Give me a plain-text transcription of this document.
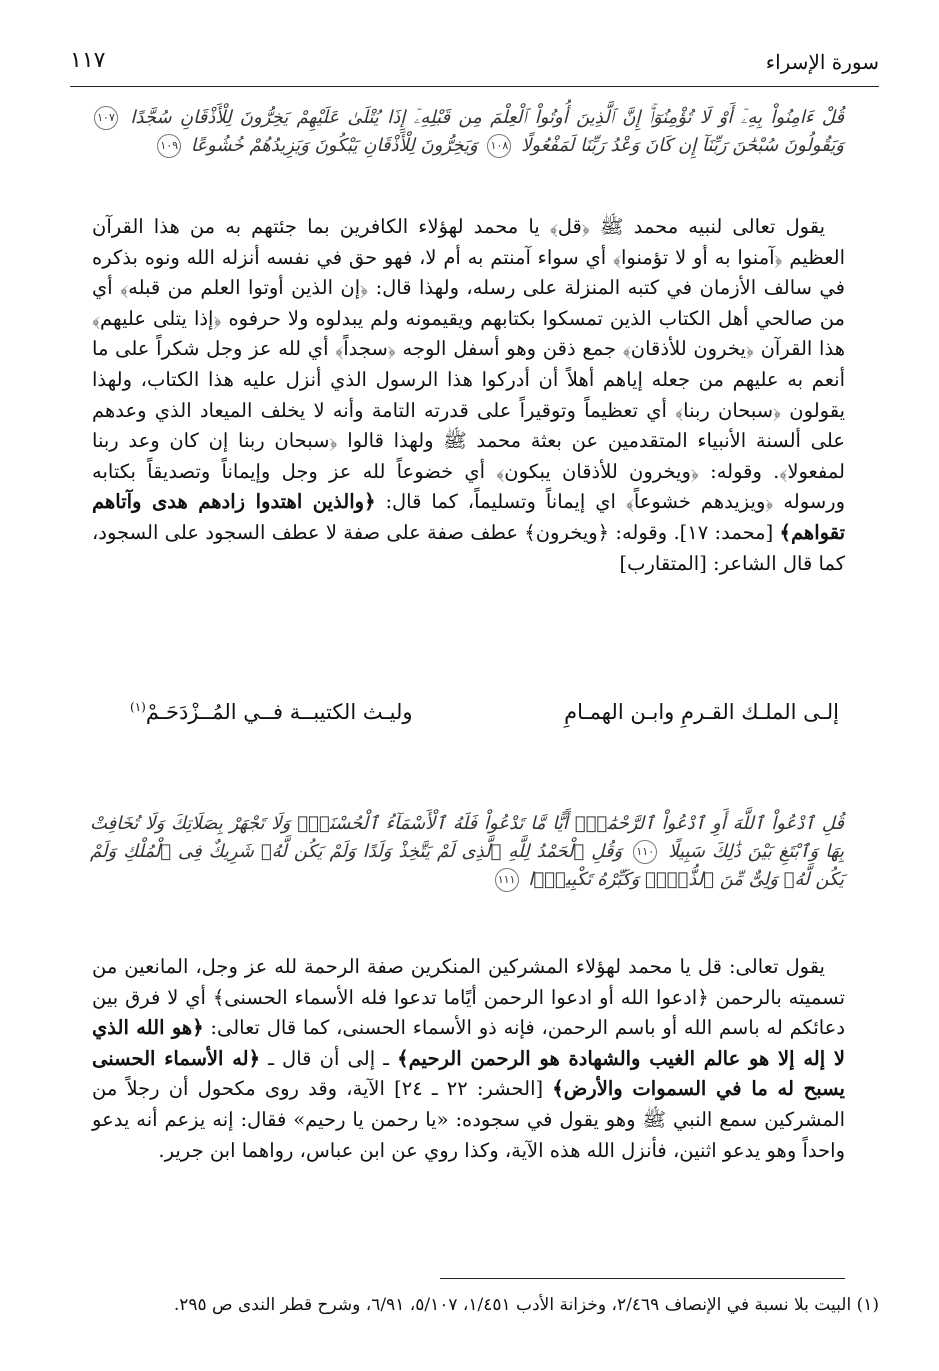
سورة الإسراء
١١٧
قُلْ ءَامِنُواْ بِهِۦٓ أَوْ لَا تُؤْمِنُوٓاْۚ إِنَّ ٱلَّذِينَ أُوتُواْ ٱلْعِلْمَ مِن قَبْلِهِۦٓ إِذَا يُتْلَىٰ عَلَيْهِمْ يَخِرُّونَ لِلْأَذْقَانِ سُجَّدًا ١٠٧ وَيَقُولُونَ سُبْحَٰنَ رَبِّنَآ إِن كَانَ وَعْدُ رَبِّنَا لَمَفْعُولًا ١٠٨ وَيَخِرُّونَ لِلْأَذْقَانِ يَبْكُونَ وَيَزِيدُهُمْ خُشُوعًا ١٠٩

يقول تعالى لنبيه محمد ﷺ ﴿قل﴾ يا محمد لهؤلاء الكافرين بما جئتهم به من هذا القرآن العظيم ﴿آمنوا به أو لا تؤمنوا﴾ أي سواء آمنتم به أم لا، فهو حق في نفسه أنزله الله ونوه بذكره في سالف الأزمان في كتبه المنزلة على رسله، ولهذا قال: ﴿إن الذين أوتوا العلم من قبله﴾ أي من صالحي أهل الكتاب الذين تمسكوا بكتابهم ويقيمونه ولم يبدلوه ولا حرفوه ﴿إذا يتلى عليهم﴾ هذا القرآن ﴿يخرون للأذقان﴾ جمع ذقن وهو أسفل الوجه ﴿سجداً﴾ أي لله عز وجل شكراً على ما أنعم به عليهم من جعله إياهم أهلاً أن أدركوا هذا الرسول الذي أنزل عليه هذا الكتاب، ولهذا يقولون ﴿سبحان ربنا﴾ أي تعظيماً وتوقيراً على قدرته التامة وأنه لا يخلف الميعاد الذي وعدهم على ألسنة الأنبياء المتقدمين عن بعثة محمد ﷺ ولهذا قالوا ﴿سبحان ربنا إن كان وعد ربنا لمفعولا﴾. وقوله: ﴿ويخرون للأذقان يبكون﴾ أي خضوعاً لله عز وجل وإيماناً وتصديقاً بكتابه ورسوله ﴿ويزيدهم خشوعاً﴾ اي إيماناً وتسليماً، كما قال: ﴿والذين اهتدوا زادهم هدى وآتاهم تقواهم﴾ [محمد: ١٧]. وقوله: ﴿ويخرون﴾ عطف صفة على صفة لا عطف السجود على السجود، كما قال الشاعر: [المتقارب]

إلـى الملـك القـرمِ وابـن الهمـامِ
وليـث الكتيبــة فــي المُــزْدَحَـمْ$^{(١)}$
قُلِ ٱدْعُواْ ٱللَّهَ أَوِ ٱدْعُواْ ٱلرَّحْمَٰنَۖ أَيًّا مَّا تَدْعُواْ فَلَهُ ٱلْأَسْمَآءُ ٱلْحُسْنَىٰۚ وَلَا تَجْهَرْ بِصَلَاتِكَ وَلَا تُخَافِتْ بِهَا وَٱبْتَغِ بَيْنَ ذَٰلِكَ سَبِيلًا ١١٠ وَقُلِ ٱلْحَمْدُ لِلَّهِ ٱلَّذِى لَمْ يَتَّخِذْ وَلَدًا وَلَمْ يَكُن لَّهُۥ شَرِيكٌ فِى ٱلْمُلْكِ وَلَمْ يَكُن لَّهُۥ وَلِىٌّ مِّنَ ٱلذُّلِّۖ وَكَبِّرْهُ تَكْبِيرًۢا ١١١

يقول تعالى: قل يا محمد لهؤلاء المشركين المنكرين صفة الرحمة لله عز وجل، المانعين من تسميته بالرحمن ﴿ادعوا الله أو ادعوا الرحمن أيًاما تدعوا فله الأسماء الحسنى﴾ أي لا فرق بين دعائكم له باسم الله أو باسم الرحمن، فإنه ذو الأسماء الحسنى، كما قال تعالى: ﴿هو الله الذي لا إله إلا هو عالم الغيب والشهادة هو الرحمن الرحيم﴾ ـ إلى أن قال ـ ﴿له الأسماء الحسنى يسبح له ما في السموات والأرض﴾ [الحشر: ٢٢ ـ ٢٤] الآية، وقد روى مكحول أن رجلاً من المشركين سمع النبي ﷺ وهو يقول في سجوده: «يا رحمن يا رحيم» فقال: إنه يزعم أنه يدعو واحداً وهو يدعو اثنين، فأنزل الله هذه الآية، وكذا روي عن ابن عباس، رواهما ابن جرير.

(١) البيت بلا نسبة في الإنصاف ٢/٤٦٩، وخزانة الأدب ١/٤٥١، ٥/١٠٧، ٦/٩١، وشرح قطر الندى ص ٢٩٥.
